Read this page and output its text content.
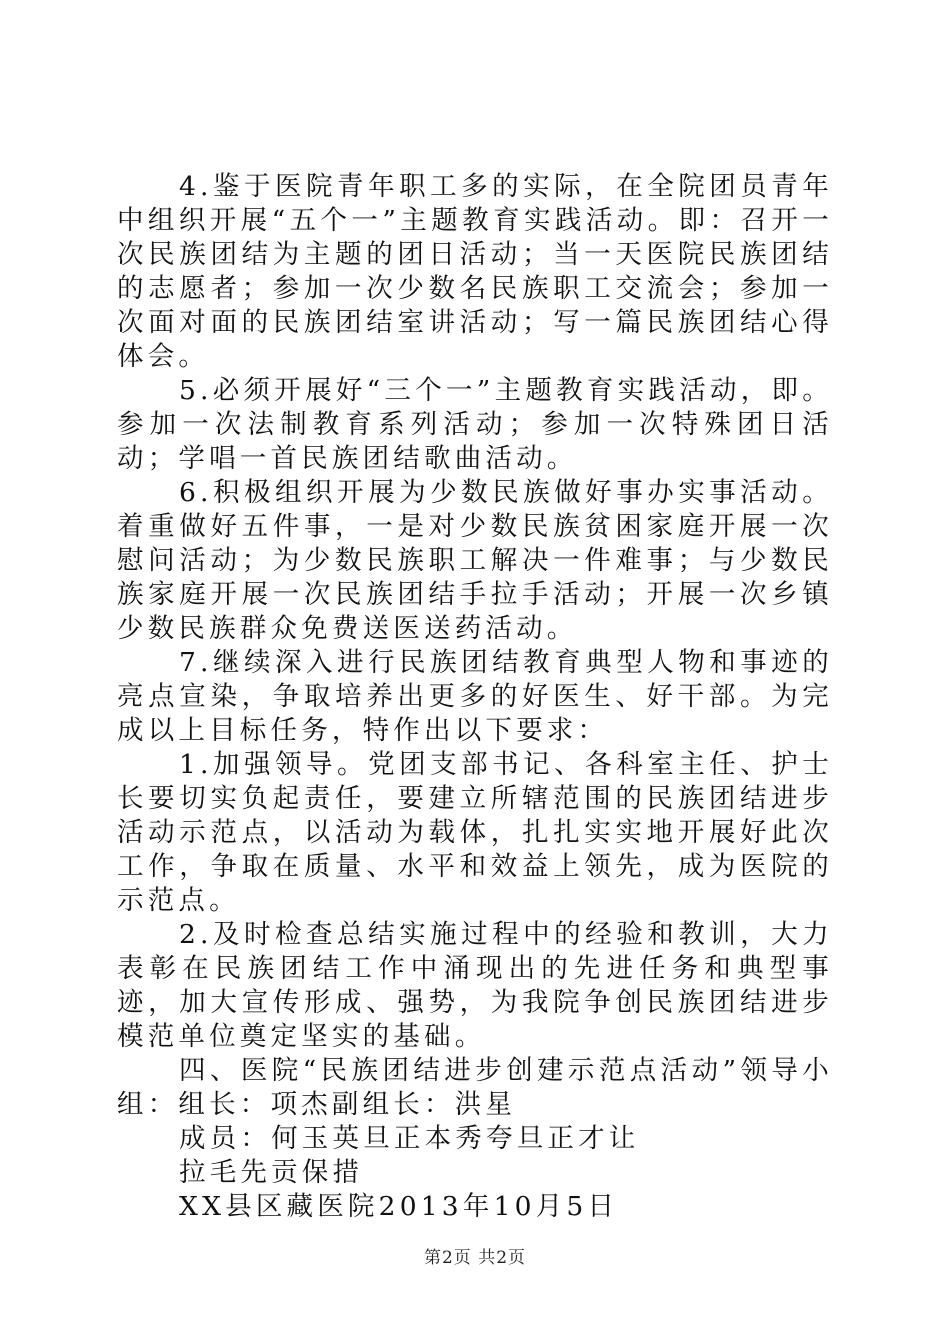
4.鉴于医院青年职工多的实际，在全院团员青年中组织开展“五个一”主题教育实践活动。即：召开一次民族团结为主题的团日活动；当一天医院民族团结的志愿者；参加一次少数名民族职工交流会；参加一次面对面的民族团结室讲活动；写一篇民族团结心得体会。

5.必须开展好“三个一”主题教育实践活动，即。参加一次法制教育系列活动；参加一次特殊团日活动；学唱一首民族团结歌曲活动。

6.积极组织开展为少数民族做好事办实事活动。着重做好五件事，一是对少数民族贫困家庭开展一次慰问活动；为少数民族职工解决一件难事；与少数民族家庭开展一次民族团结手拉手活动；开展一次乡镇少数民族群众免费送医送药活动。

7.继续深入进行民族团结教育典型人物和事迹的亮点宣染，争取培养出更多的好医生、好干部。为完成以上目标任务，特作出以下要求：

1.加强领导。党团支部书记、各科室主任、护士长要切实负起责任，要建立所辖范围的民族团结进步活动示范点，以活动为载体，扎扎实实地开展好此次工作，争取在质量、水平和效益上领先，成为医院的示范点。

2.及时检查总结实施过程中的经验和教训，大力表彰在民族团结工作中涌现出的先进任务和典型事迹，加大宣传形成、强势，为我院争创民族团结进步模范单位奠定坚实的基础。

四、医院“民族团结进步创建示范点活动”领导小组：组长：项杰副组长：洪星

成员：何玉英旦正本秀夸旦正才让

拉毛先贡保措

XX县区藏医院2013年10月5日

第2页 共2页
